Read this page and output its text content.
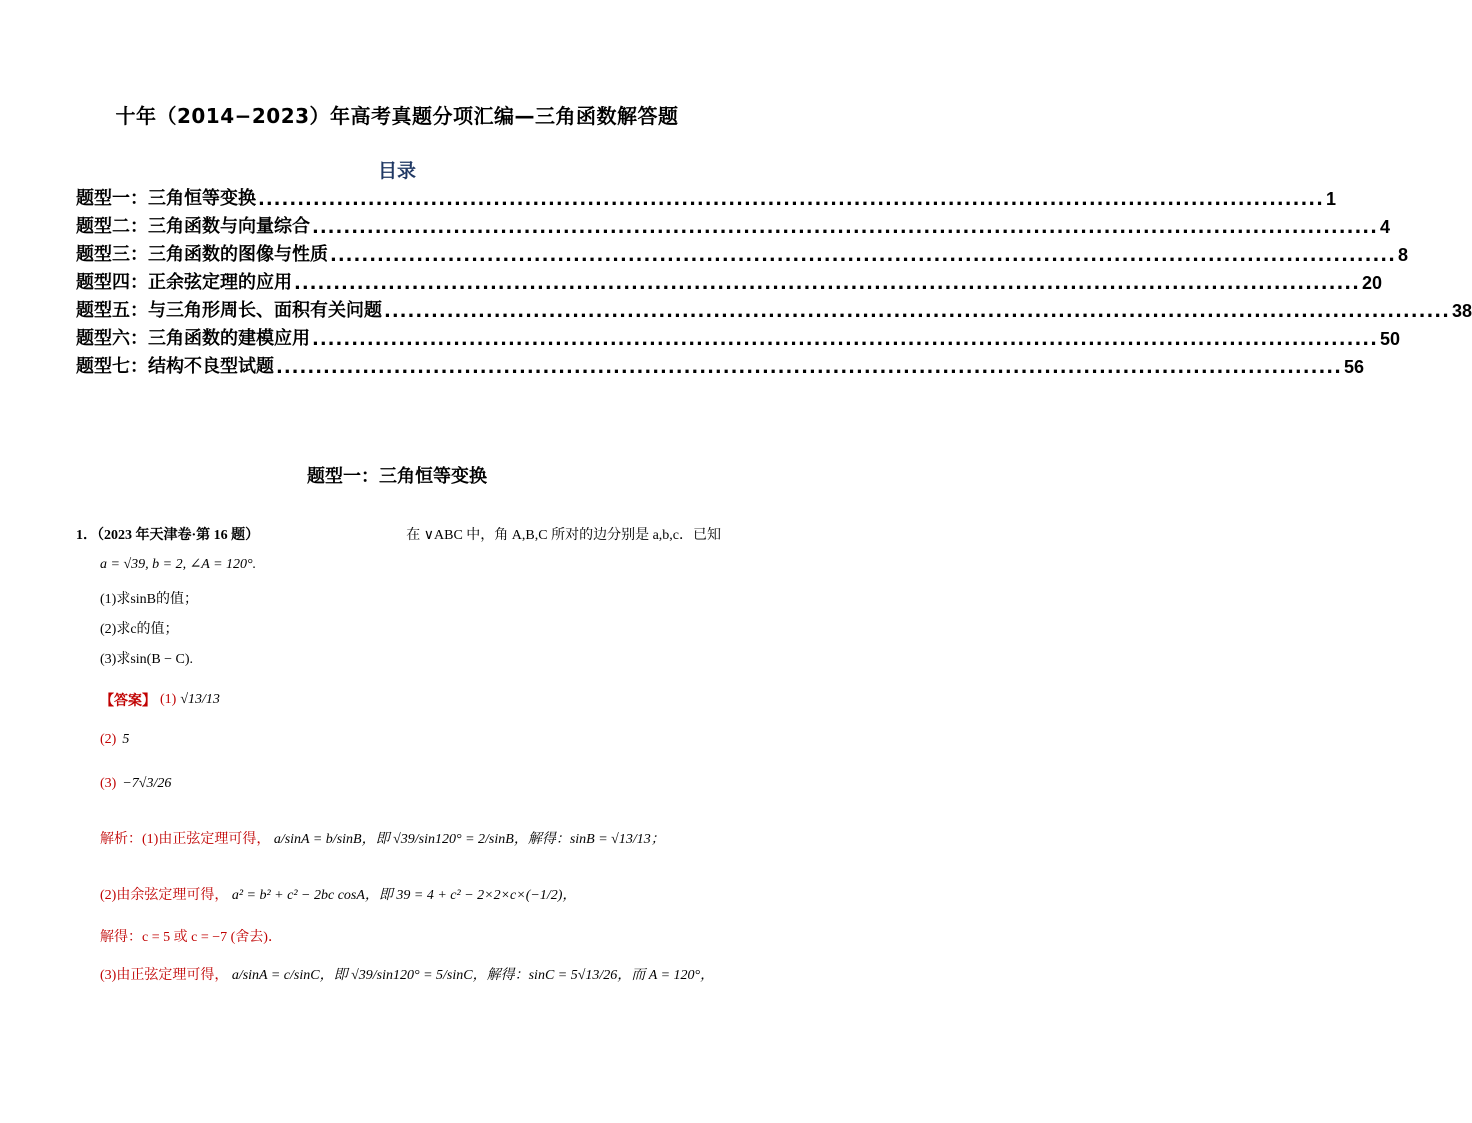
十年（2014−2023）年高考真题分项汇编—三角函数解答题
目录
题型一：三角恒等变换 ........................................................................................................................................ 1
题型二：三角函数与向量综合 ........................................................................................................................................ 4
题型三：三角函数的图像与性质 ........................................................................................................................................ 8
题型四：正余弦定理的应用 ........................................................................................................................................ 20
题型五：与三角形周长、面积有关问题 ........................................................................................................................................ 38
题型六：三角函数的建模应用 ........................................................................................................................................ 50
题型七：结构不良型试题 ........................................................................................................................................ 56
题型一：三角恒等变换
1．（2023 年天津卷·第 16 题）	在 ∨ABC 中，角 A,B,C 所对的边分别是 a,b,c．已知
a = √39, b = 2, ∠A = 120°.
(1)求sinB的值；
(2)求c的值；
(3)求sin(B − C).
【答案】 (1) √13/13
(2) 5
(3) −7√3/26
解析：(1)由正弦定理可得， a/sinA = b/sinB，即 √39/sin120° = 2/sinB，解得：sinB = √13/13；
(2)由余弦定理可得， a² = b² + c² − 2bc cosA，即 39 = 4 + c² − 2×2×c×(−1/2)，
解得：c = 5 或 c = −7 (舍去)．
(3)由正弦定理可得， a/sinA = c/sinC，即 √39/sin120° = 5/sinC，解得：sinC = 5√13/26，而 A = 120°，
